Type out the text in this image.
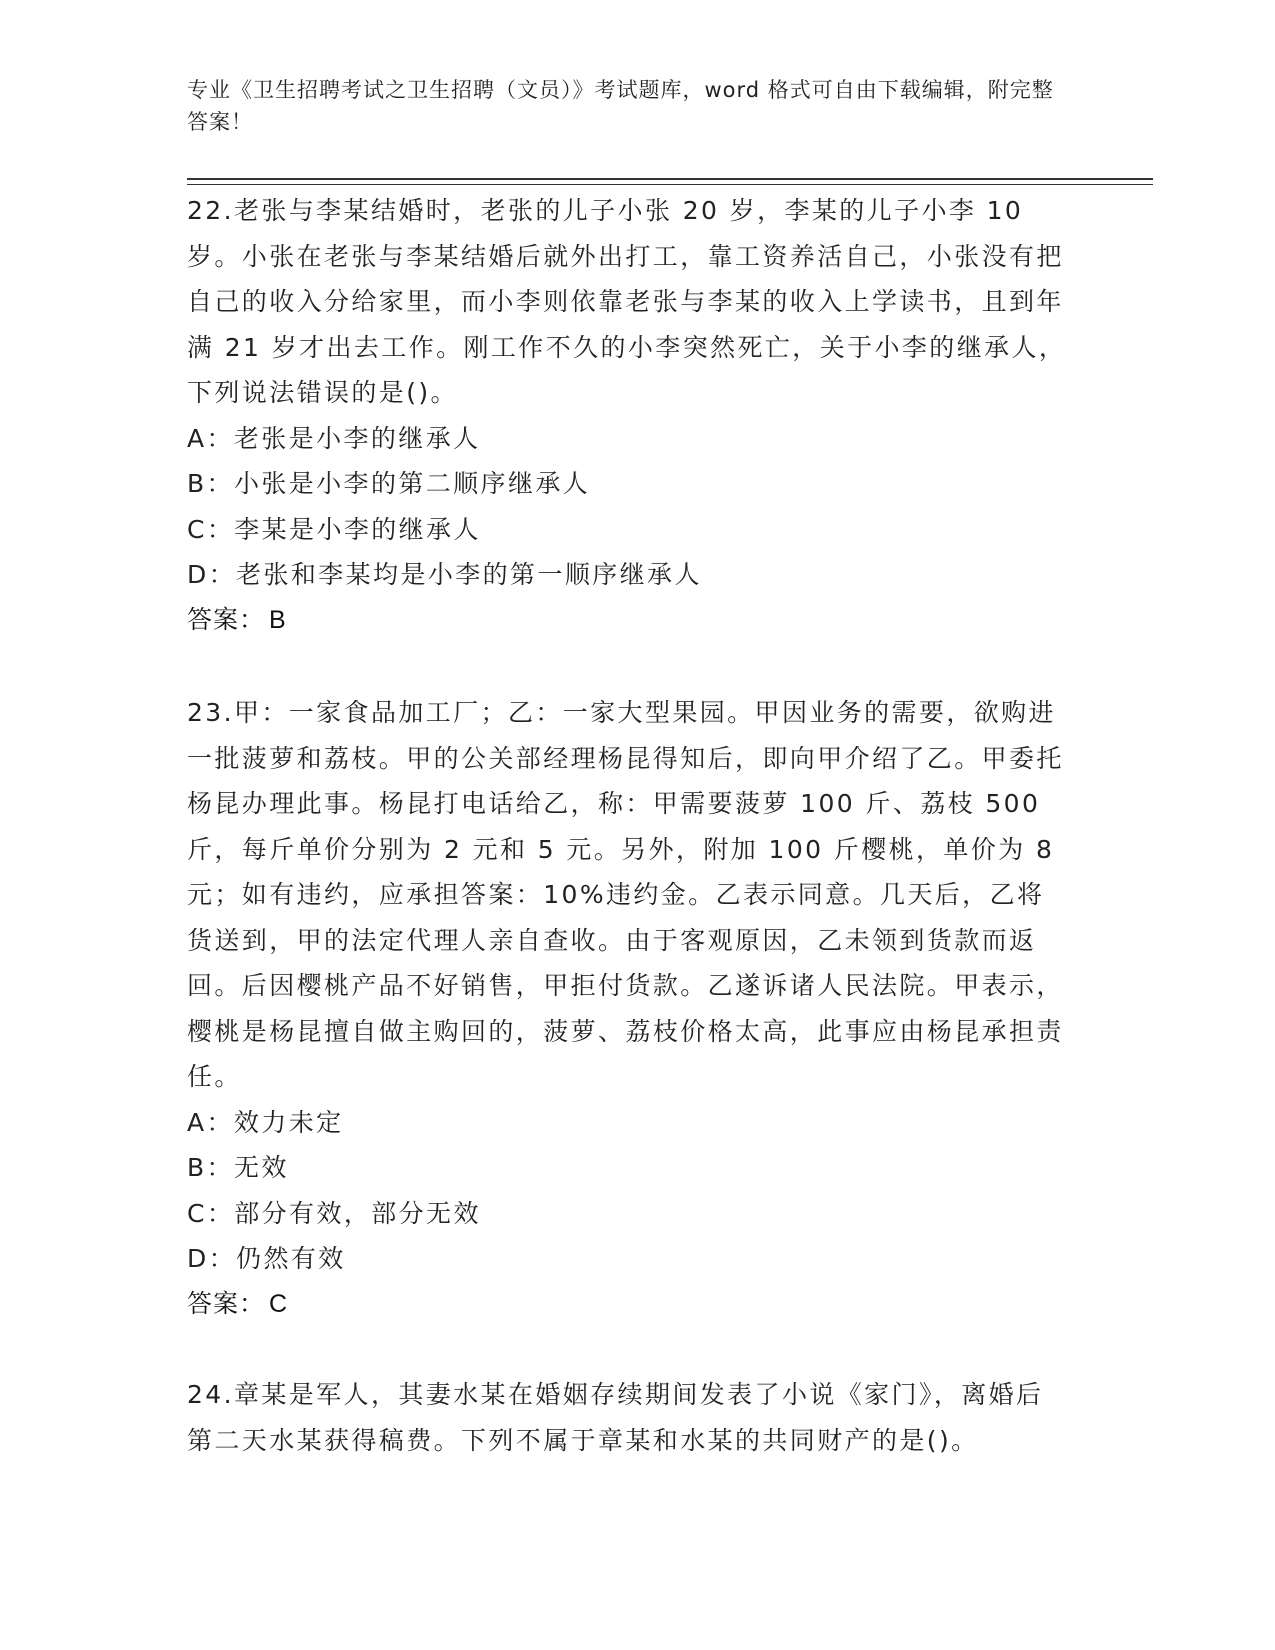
专业《卫生招聘考试之卫生招聘（文员）》考试题库，word 格式可自由下载编辑，附完整答案！

22.老张与李某结婚时，老张的儿子小张 20 岁，李某的儿子小李 10 岁。小张在老张与李某结婚后就外出打工，靠工资养活自己，小张没有把自己的收入分给家里，而小李则依靠老张与李某的收入上学读书，且到年满 21 岁才出去工作。刚工作不久的小李突然死亡，关于小李的继承人，下列说法错误的是()。

A：老张是小李的继承人

B：小张是小李的第二顺序继承人

C：李某是小李的继承人

D：老张和李某均是小李的第一顺序继承人

答案： B

23.甲：一家食品加工厂；乙：一家大型果园。甲因业务的需要，欲购进一批菠萝和荔枝。甲的公关部经理杨昆得知后，即向甲介绍了乙。甲委托杨昆办理此事。杨昆打电话给乙，称：甲需要菠萝 100 斤、荔枝 500 斤，每斤单价分别为 2 元和 5 元。另外，附加 100 斤樱桃，单价为 8 元；如有违约，应承担答案：10%违约金。乙表示同意。几天后，乙将货送到，甲的法定代理人亲自查收。由于客观原因，乙未领到货款而返回。后因樱桃产品不好销售，甲拒付货款。乙遂诉诸人民法院。甲表示，樱桃是杨昆擅自做主购回的，菠萝、荔枝价格太高，此事应由杨昆承担责任。

A：效力未定

B：无效

C：部分有效，部分无效

D：仍然有效

答案： C

24.章某是军人，其妻水某在婚姻存续期间发表了小说《家门》，离婚后第二天水某获得稿费。下列不属于章某和水某的共同财产的是()。
